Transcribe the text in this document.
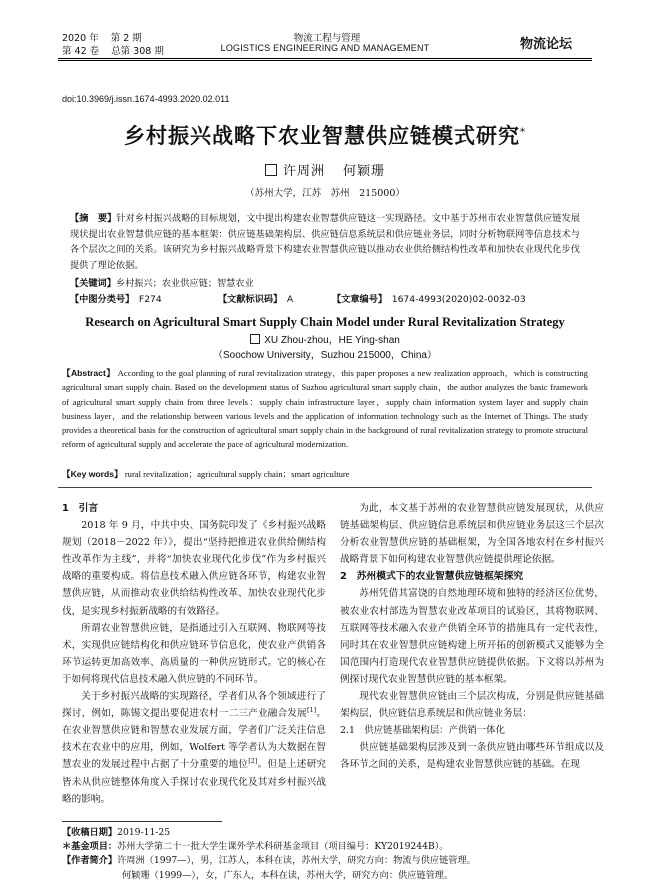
2020 年 第 2 期
第 42 卷 总第 308 期
物流工程与管理
LOGISTICS ENGINEERING AND MANAGEMENT	物流论坛
doi:10.3969/j.issn.1674-4993.2020.02.011
乡村振兴战略下农业智慧供应链模式研究*
许周洲 何颖珊
（苏州大学，江苏　苏州　215000）
【摘　要】针对乡村振兴战略的目标规划，文中提出构建农业智慧供应链这一实现路径。文中基于苏州市农业智慧供应链发展现状提出农业智慧供应链的基本框架：供应链基础架构层、供应链信息系统层和供应链业务层，同时分析物联网等信息技术与各个层次之间的关系。该研究为乡村振兴战略背景下构建农业智慧供应链以推动农业供给侧结构性改革和加快农业现代化步伐提供了理论依据。
【关键词】乡村振兴；农业供应链；智慧农业
【中图分类号】　 F274	【文献标识码】　 A	【文章编号】　 1674-4993(2020)02-0032-03
Research on Agricultural Smart Supply Chain Model under Rural Revitalization Strategy
XU Zhou-zhou，HE Ying-shan
（Soochow University，Suzhou 215000，China）
【Abstract】 According to the goal planning of rural revitalization strategy，this paper proposes a new realization approach，which is constructing agricultural smart supply chain. Based on the development status of Suzhou agricultural smart supply chain，the author analyzes the basic framework of agricultural smart supply chain from three levels：supply chain infrastructure layer，supply chain information system layer and supply chain business layer，and the relationship between various levels and the application of information technology such as the Internet of Things. The study provides a theoretical basis for the construction of agricultural smart supply chain in the background of rural revitalization strategy to promote structural reform of agricultural supply and accelerate the pace of agricultural modernization.
【Key words】 rural revitalization；agricultural supply chain；smart agriculture
1　引言

2018 年 9 月，中共中央、国务院印发了《乡村振兴战略规划（2018－2022 年）》，提出“坚持把推进农业供给侧结构性改革作为主线”，并将“加快农业现代化步伐”作为乡村振兴战略的重要构成。将信息技术融入供应链各环节，构建农业智慧供应链，从而推动农业供给结构性改革、加快农业现代化步伐，是实现乡村振新战略的有效路径。

所谓农业智慧供应链，是指通过引入互联网、物联网等技术，实现供应链结构化和供应链环节信息化，使农业产供销各环节运转更加高效率、高质量的一种供应链形式。它的核心在于如何将现代信息技术融入供应链的不同环节。

关于乡村振兴战略的实现路径，学者们从各个领域进行了探讨，例如，陈锡文提出要促进农村一二三产业融合发展[1]。在农业智慧供应链和智慧农业发展方面，学者们广泛关注信息技术在农业中的应用，例如，Wolfert 等学者认为大数据在智慧农业的发展过程中占据了十分重要的地位[2]。但是上述研究皆未从供应链整体角度入手探讨农业现代化及其对乡村振兴战略的影响。

为此，本文基于苏州的农业智慧供应链发展现状，从供应链基础架构层、供应链信息系统层和供应链业务层这三个层次分析农业智慧供应链的基础框架，为全国各地农村在乡村振兴战略背景下如何构建农业智慧供应链提供理论依据。

2　苏州模式下的农业智慧供应链框架探究

苏州凭借其富饶的自然地理环境和独特的经济区位优势，被农业农村部选为智慧农业改革项目的试验区，其将物联网、互联网等技术融入农业产供销全环节的措施具有一定代表性，同时其在农业智慧供应链构建上所开拓的创新模式又能够为全国范围内打造现代农业智慧供应链提供依据。下文将以苏州为例探讨现代农业智慧供应链的基本框架。

现代农业智慧供应链由三个层次构成，分别是供应链基础架构层，供应链信息系统层和供应链业务层：

2.1　供应链基础架构层：产供销一体化

供应链基础架构层涉及到一条供应链由哪些环节组成以及各环节之间的关系，是构建农业智慧供应链的基础。在现

【收稿日期】2019-11-25
＊基金项目：苏州大学第二十一批大学生课外学术科研基金项目（项目编号：KY2019244B）。
【作者简介】许周洲（1997—），男，江苏人，本科在读，苏州大学，研究方向：物流与供应链管理。
何颖珊（1999—），女，广东人，本科在读，苏州大学，研究方向：供应链管理。
